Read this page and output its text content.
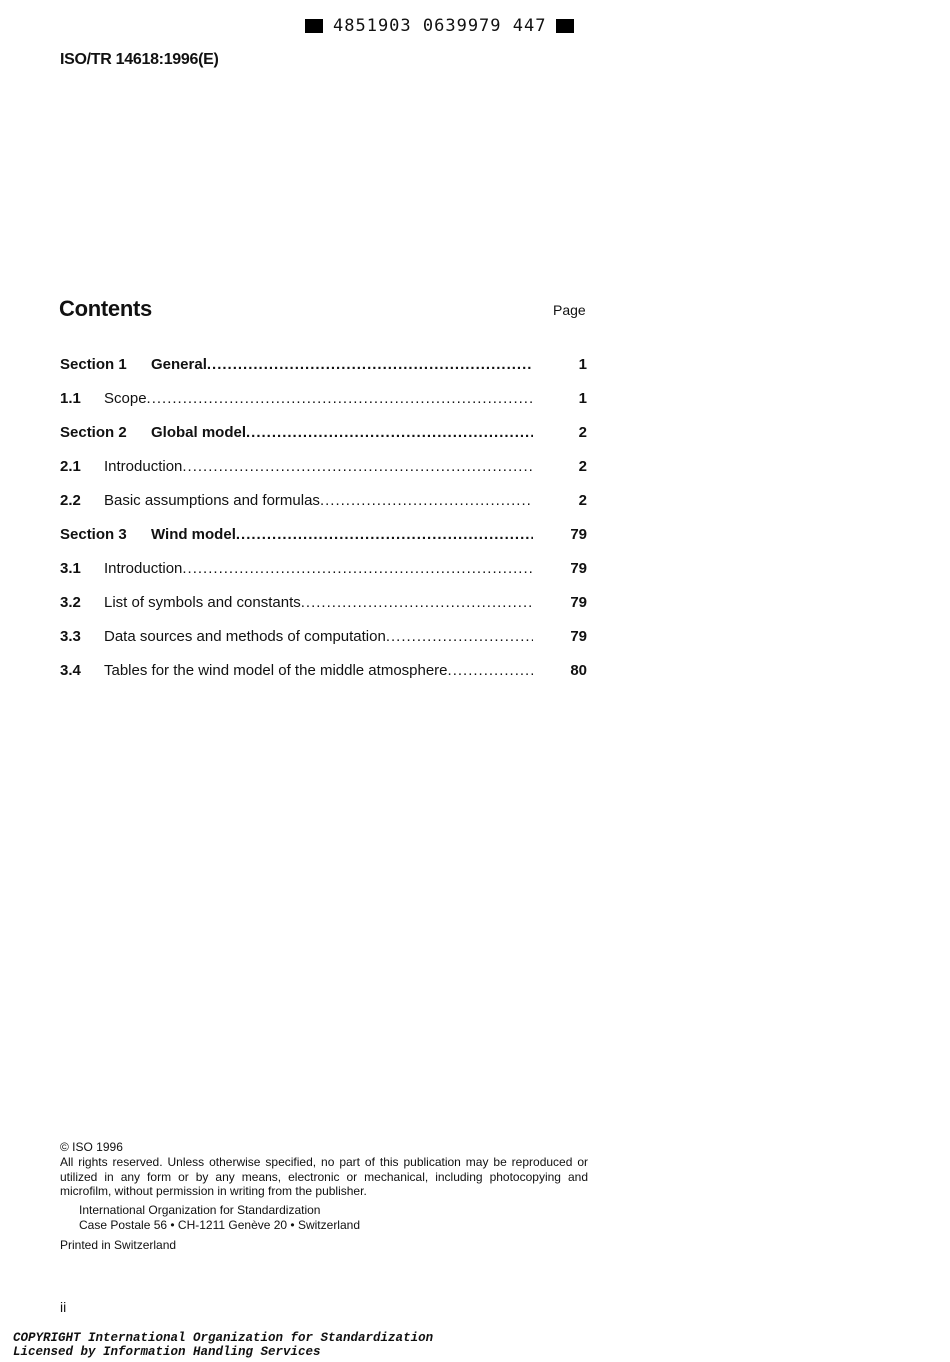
4851903 0639979 447
ISO/TR 14618:1996(E)
Contents	Page
Section 1	General .....	1
1.1	Scope .....	1
Section 2	Global model .....	2
2.1	Introduction .....	2
2.2	Basic assumptions and formulas .....	2
Section 3	Wind model .....	79
3.1	Introduction .....	79
3.2	List of symbols and constants .....	79
3.3	Data sources and methods of computation .....	79
3.4	Tables for the wind model of the middle atmosphere .....	80
© ISO 1996
All rights reserved. Unless otherwise specified, no part of this publication may be reproduced or utilized in any form or by any means, electronic or mechanical, including photocopying and microfilm, without permission in writing from the publisher.
International Organization for Standardization
Case Postale 56 • CH-1211 Genève 20 • Switzerland
Printed in Switzerland
ii
COPYRIGHT International Organization for Standardization
Licensed by Information Handling Services
